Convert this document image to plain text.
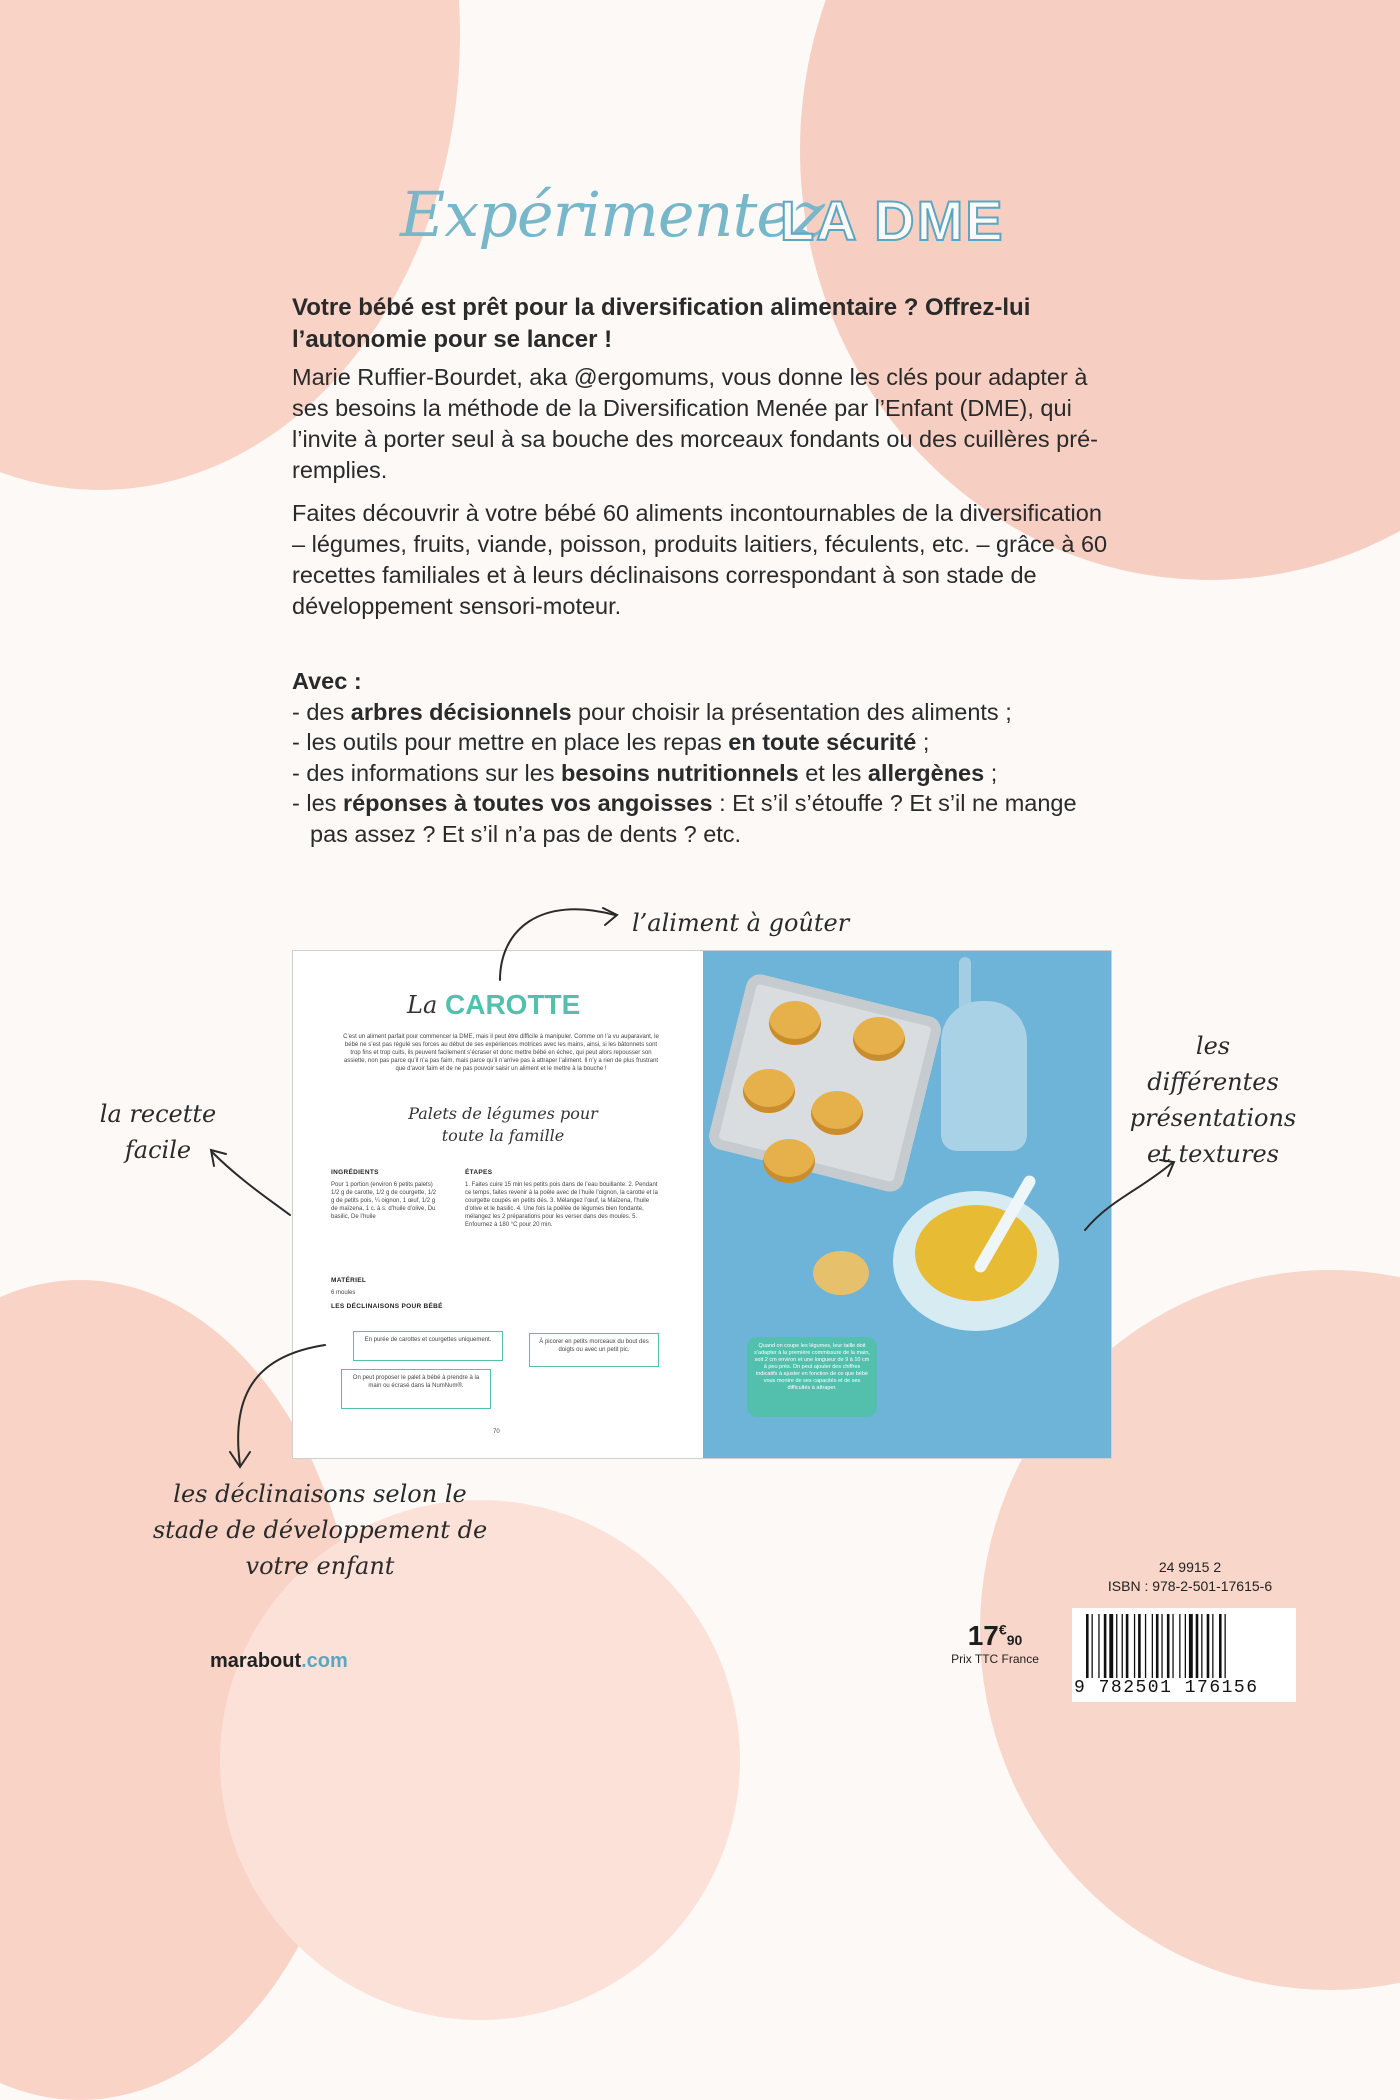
Expérimentez
LA DME

Votre bébé est prêt pour la diversification alimentaire ? Offrez-lui l’autonomie pour se lancer !

Marie Ruffier-Bourdet, aka @ergomums, vous donne les clés pour adapter à ses besoins la méthode de la Diversification Menée par l’Enfant (DME), qui l’invite à porter seul à sa bouche des morceaux fondants ou des cuillères pré-remplies.

Faites découvrir à votre bébé 60 aliments incontournables de la diversification – légumes, fruits, viande, poisson, produits laitiers, féculents, etc. – grâce à 60 recettes familiales et à leurs déclinaisons correspondant à son stade de développement sensori-moteur.

Avec :
- des arbres décisionnels pour choisir la présentation des aliments ;
- les outils pour mettre en place les repas en toute sécurité ;
- des informations sur les besoins nutritionnels et les allergènes ;
- les réponses à toutes vos angoisses : Et s’il s’étouffe ? Et s’il ne mange pas assez ? Et s’il n’a pas de dents ? etc.
La CAROTTE
C’est un aliment parfait pour commencer la DME, mais il peut être difficile à manipuler. Comme on l’a vu auparavant, le bébé ne s’est pas régulé ses forces au début de ses expériences motrices avec les mains, ainsi, si les bâtonnets sont trop fins et trop cuits, ils peuvent facilement s’écraser et donc mettre bébé en échec, qui peut alors repousser son assiette, non pas parce qu’il n’a pas faim, mais parce qu’il n’arrive pas à attraper l’aliment. Il n’y a rien de plus frustrant que d’avoir faim et de ne pas pouvoir saisir un aliment et le mettre à la bouche !
Palets de légumes pour toute la famille
INGRÉDIENTS
Pour 1 portion (environ 6 petits palets) 1/2 g de carotte, 1/2 g de courgette, 1/2 g de petits pois, ¼ oignon, 1 œuf, 1/2 g de maïzena, 1 c. à s. d’huile d’olive, Du basilic, De l’huile
ÉTAPES
1. Faites cuire 15 min les petits pois dans de l’eau bouillante. 2. Pendant ce temps, faites revenir à la poêle avec de l’huile l’oignon, la carotte et la courgette coupés en petits dés. 3. Mélangez l’œuf, la Maïzena, l’huile d’olive et le basilic. 4. Une fois la poêlée de légumes bien fondante, mélangez les 2 préparations pour les verser dans des moules. 5. Enfournez à 180 °C pour 20 min.
MATÉRIEL
6 moules
LES DÉCLINAISONS POUR BÉBÉ
En purée de carottes et courgettes uniquement.	À picorer en petits morceaux du bout des doigts ou avec un petit pic.
On peut proposer le palet à bébé à prendre à la main ou écrasé dans la NumNum®.
70
Quand on coupe les légumes, leur taille doit s’adapter à la première commissure de la main, soit 2 cm environ et une longueur de 9 à 10 cm à peu près. On peut ajouter des chiffres indicatifs à ajuster en fonction de ce que bébé vous montre de ses capacités et de ses difficultés à attraper.
l’aliment à goûter
les différentes présentations et textures
la recette facile
les déclinaisons selon le stade de développement de votre enfant
marabout.com
17€90
Prix TTC France
24 9915 2
ISBN : 978-2-501-17615-6
9 782501 176156
